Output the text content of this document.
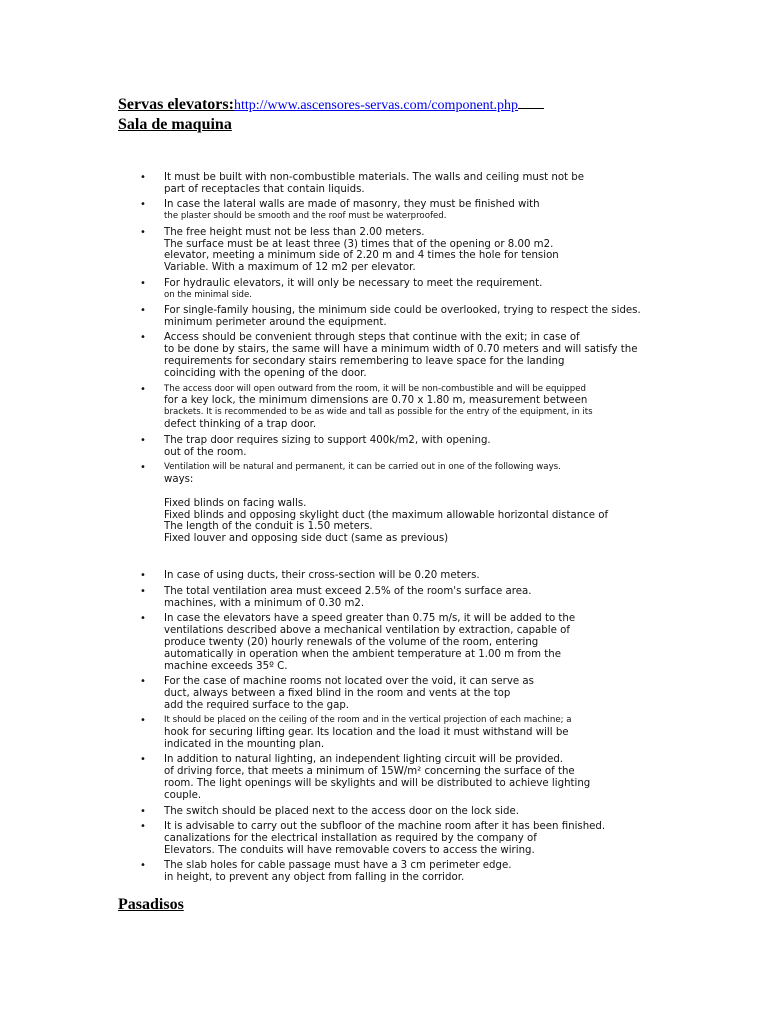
Servas elevators:http://www.ascensores-servas.com/component.php
Sala de maquina
• It must be built with non-combustible materials. The walls and ceiling must not be
part of receptacles that contain liquids.
• In case the lateral walls are made of masonry, they must be finished with
the plaster should be smooth and the roof must be waterproofed.
• The free height must not be less than 2.00 meters.
The surface must be at least three (3) times that of the opening or 8.00 m2.
elevator, meeting a minimum side of 2.20 m and 4 times the hole for tension
Variable. With a maximum of 12 m2 per elevator.
• For hydraulic elevators, it will only be necessary to meet the requirement.
on the minimal side.
• For single-family housing, the minimum side could be overlooked, trying to respect the sides.
minimum perimeter around the equipment.
• Access should be convenient through steps that continue with the exit; in case of
to be done by stairs, the same will have a minimum width of 0.70 meters and will satisfy the
requirements for secondary stairs remembering to leave space for the landing
coinciding with the opening of the door.
• The access door will open outward from the room, it will be non-combustible and will be equipped
for a key lock, the minimum dimensions are 0.70 x 1.80 m, measurement between
brackets. It is recommended to be as wide and tall as possible for the entry of the equipment, in its
defect thinking of a trap door.
• The trap door requires sizing to support 400k/m2, with opening.
out of the room.
• Ventilation will be natural and permanent, it can be carried out in one of the following ways.
ways:

Fixed blinds on facing walls.
Fixed blinds and opposing skylight duct (the maximum allowable horizontal distance of
The length of the conduit is 1.50 meters.
Fixed louver and opposing side duct (same as previous)
• In case of using ducts, their cross-section will be 0.20 meters.
• The total ventilation area must exceed 2.5% of the room's surface area.
machines, with a minimum of 0.30 m2.
• In case the elevators have a speed greater than 0.75 m/s, it will be added to the
ventilations described above a mechanical ventilation by extraction, capable of
produce twenty (20) hourly renewals of the volume of the room, entering
automatically in operation when the ambient temperature at 1.00 m from the
machine exceeds 35º C.
• For the case of machine rooms not located over the void, it can serve as
duct, always between a fixed blind in the room and vents at the top
add the required surface to the gap.
• It should be placed on the ceiling of the room and in the vertical projection of each machine; a
hook for securing lifting gear. Its location and the load it must withstand will be
indicated in the mounting plan.
• In addition to natural lighting, an independent lighting circuit will be provided.
of driving force, that meets a minimum of 15W/m² concerning the surface of the
room. The light openings will be skylights and will be distributed to achieve lighting
couple.
• The switch should be placed next to the access door on the lock side.
• It is advisable to carry out the subfloor of the machine room after it has been finished.
canalizations for the electrical installation as required by the company of
Elevators. The conduits will have removable covers to access the wiring.
• The slab holes for cable passage must have a 3 cm perimeter edge.
in height, to prevent any object from falling in the corridor.
Pasadisos
